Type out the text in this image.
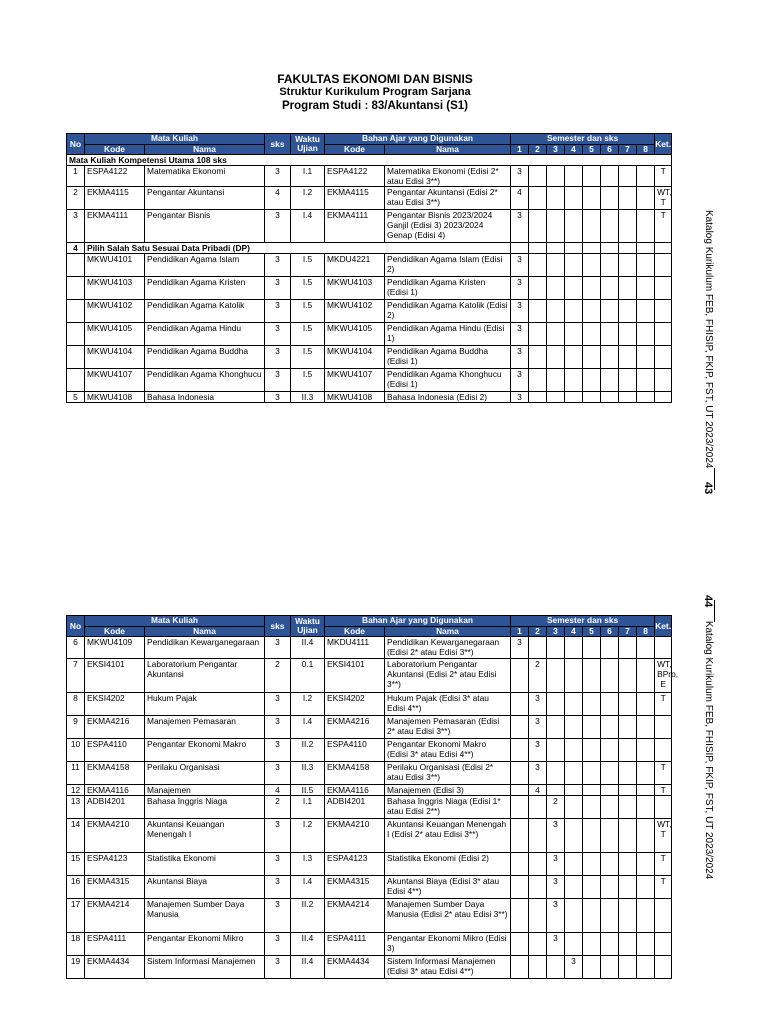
FAKULTAS EKONOMI DAN BISNIS
Struktur Kurikulum Program Sarjana
Program Studi : 83/Akuntansi (S1)
No	Mata Kuliah		sks	Waktu Ujian	Bahan Ajar yang Digunakan		Semester dan sks								Ket.
	Kode	Nama			Kode	Nama	1	2	3	4	5	6	7	8	
Mata Kuliah Kompetensi Utama 108 sks															
1	ESPA4122	Matematika Ekonomi	3	I.1	ESPA4122	Matematika Ekonomi (Edisi 2* atau Edisi 3**)	3								T
2	EKMA4115	Pengantar Akuntansi	4	I.2	EKMA4115	Pengantar Akuntansi (Edisi 2* atau Edisi 3**)	4								WT, T
3	EKMA4111	Pengantar Bisnis	3	I.4	EKMA4111	Pengantar Bisnis 2023/2024 Ganjil (Edisi 3) 2023/2024 Genap (Edisi 4)	3								T
4	Pilih Salah Satu Sesuai Data Pribadi (DP)														
	MKWU4101	Pendidikan Agama Islam	3	I.5	MKDU4221	Pendidikan Agama Islam (Edisi 2)	3								
	MKWU4103	Pendidikan Agama Kristen	3	I.5	MKWU4103	Pendidikan Agama Kristen (Edisi 1)	3								
	MKWU4102	Pendidikan Agama Katolik	3	I.5	MKWU4102	Pendidikan Agama Katolik (Edisi 2)	3								
	MKWU4105	Pendidikan Agama Hindu	3	I.5	MKWU4105	Pendidikan Agama Hindu (Edisi 1)	3								
	MKWU4104	Pendidikan Agama Buddha	3	I.5	MKWU4104	Pendidikan Agama Buddha (Edisi 1)	3								
	MKWU4107	Pendidikan Agama Khonghucu	3	I.5	MKWU4107	Pendidikan Agama Khonghucu (Edisi 1)	3								
5	MKWU4108	Bahasa Indonesia	3	II.3	MKWU4108	Bahasa Indonesia (Edisi 2)	3								
No	Mata Kuliah		sks	Waktu Ujian	Bahan Ajar yang Digunakan		Semester dan sks								Ket.
	Kode	Nama			Kode	Nama	1	2	3	4	5	6	7	8	
6	MKWU4109	Pendidikan Kewarganegaraan	3	II.4	MKDU4111	Pendidikan Kewarganegaraan (Edisi 2* atau Edisi 3**)	3								
7	EKSI4101	Laboratorium Pengantar Akuntansi	2	0.1	EKSI4101	Laboratorium Pengantar Akuntansi (Edisi 2* atau Edisi 3**)		2							WT, BPro, E
8	EKSI4202	Hukum Pajak	3	I.2	EKSI4202	Hukum Pajak (Edisi 3* atau Edisi 4**)		3							T
9	EKMA4216	Manajemen Pemasaran	3	I.4	EKMA4216	Manajemen Pemasaran (Edisi 2* atau Edisi 3**)		3							
10	ESPA4110	Pengantar Ekonomi Makro	3	II.2	ESPA4110	Pengantar Ekonomi Makro (Edisi 3* atau Edisi 4**)		3							
11	EKMA4158	Perilaku Organisasi	3	II.3	EKMA4158	Perilaku Organisasi (Edisi 2* atau Edisi 3**)		3							T
12	EKMA4116	Manajemen	4	II.5	EKMA4116	Manajemen (Edisi 3)		4							T
13	ADBI4201	Bahasa Inggris Niaga	2	I.1	ADBI4201	Bahasa Inggris Niaga (Edisi 1* atau Edisi 2**)			2						
14	EKMA4210	Akuntansi Keuangan Menengah I	3	I.2	EKMA4210	Akuntansi Keuangan Menengah I (Edisi 2* atau Edisi 3**)			3						WT, T
15	ESPA4123	Statistika Ekonomi	3	I.3	ESPA4123	Statistika Ekonomi (Edisi 2)			3						T
16	EKMA4315	Akuntansi Biaya	3	I.4	EKMA4315	Akuntansi Biaya (Edisi 3* atau Edisi 4**)			3						T
17	EKMA4214	Manajemen Sumber Daya Manusia	3	II.2	EKMA4214	Manajemen Sumber Daya Manusia (Edisi 2* atau Edisi 3**)			3						
18	ESPA4111	Pengantar Ekonomi Mikro	3	II.4	ESPA4111	Pengantar Ekonomi Mikro (Edisi 3)			3						
19	EKMA4434	Sistem Informasi Manajemen	3	II.4	EKMA4434	Sistem Informasi Manajemen (Edisi 3* atau Edisi 4**)				3					
Katalog Kurikulum FEB, FHISIP, FKIP, FST, UT 2023/2024  43
44  Katalog Kurikulum FEB, FHISIP, FKIP, FST, UT 2023/2024
